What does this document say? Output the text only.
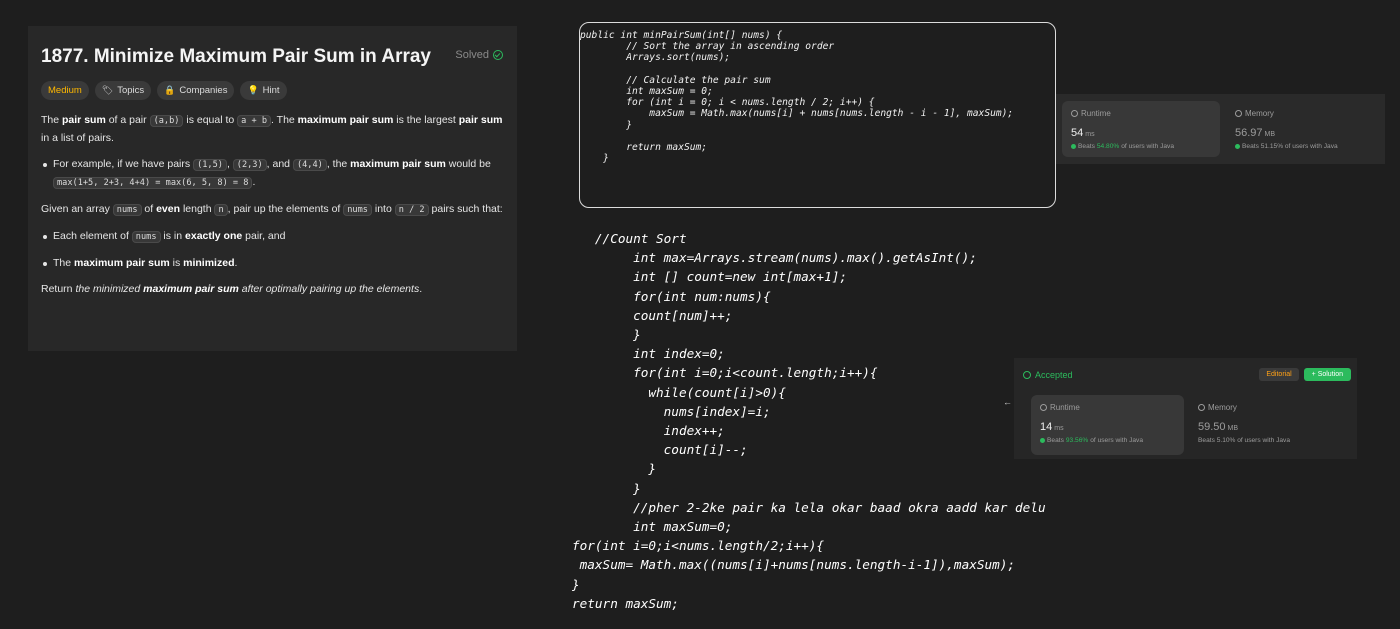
1877. Minimize Maximum Pair Sum in Array Solved
Medium	🏷 Topics 🔒 Companies 💡 Hint

The pair sum of a pair (a,b) is equal to a + b . The maximum pair sum is the largest pair sum in a list of pairs.

For example, if we have pairs (1,5) , (2,3) , and (4,4) , the maximum pair sum would be max(1+5, 2+3, 4+4) = max(6, 5, 8) = 8 .

Given an array nums of even length n , pair up the elements of nums into n / 2 pairs such that:

Each element of nums is in exactly one pair, and
The maximum pair sum is minimized.

Return the minimized maximum pair sum after optimally pairing up the elements.

public int minPairSum(int[] nums) {
// Sort the array in ascending order
Arrays.sort(nums);

// Calculate the pair sum
int maxSum = 0;
for (int i = 0; i < nums.length / 2; i++) {
maxSum = Math.max(nums[i] + nums[nums.length - i - 1], maxSum);
}

return maxSum;
}
Runtime
54 ms
Beats 54.80% of users with Java
Memory
56.97 MB
Beats 51.15% of users with Java
//Count Sort
int max=Arrays.stream(nums).max().getAsInt();
int [] count=new int[max+1];
for(int num:nums){
count[num]++;
}
int index=0;
for(int i=0;i<count.length;i++){
while(count[i]>0){
nums[index]=i;
index++;
count[i]--;
}
}
//pher 2-2ke pair ka lela okar baad okra aadd kar delu
int maxSum=0;
for(int i=0;i<nums.length/2;i++){
maxSum= Math.max((nums[i]+nums[nums.length-i-1]),maxSum);
}
return maxSum;
←
Accepted	Editorial	+ Solution
Runtime
14 ms
Beats 93.56% of users with Java
Memory
59.50 MB
Beats 5.10% of users with Java
